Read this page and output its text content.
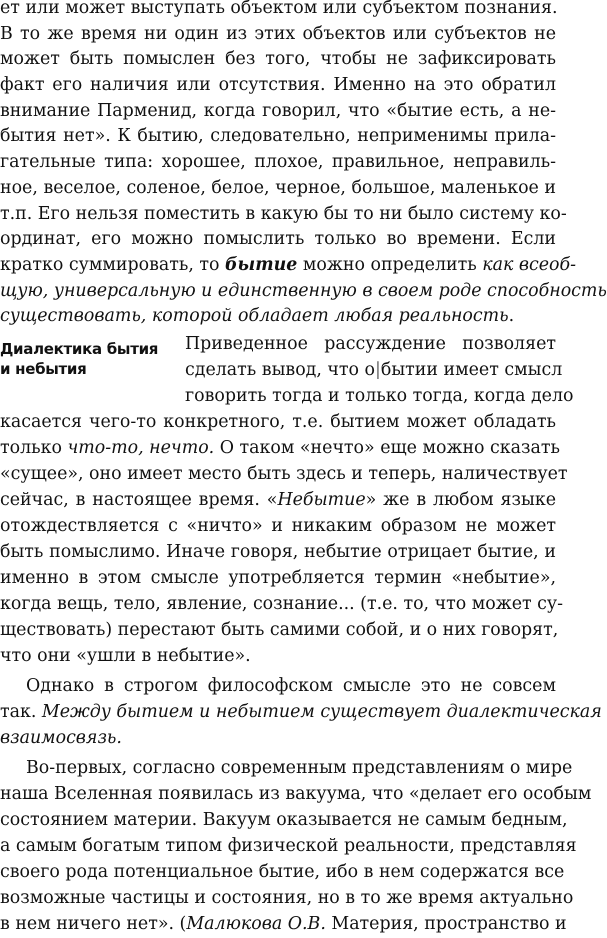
ет или может выступать объектом или субъектом познания.
В то же время ни один из этих объектов или субъектов не
может быть помыслен без того, чтобы не зафиксировать
факт его наличия или отсутствия. Именно на это обратил
внимание Парменид, когда говорил, что «бытие есть, а не-
бытия нет». К бытию, следовательно, неприменимы прила-
гательные типа: хорошее, плохое, правильное, неправиль-
ное, веселое, соленое, белое, черное, большое, маленькое и
т.п. Его нельзя поместить в какую бы то ни было систему ко-
ординат, его можно помыслить только во времени. Если
кратко суммировать, то бытие можно определить как всеоб-
щую, универсальную и единственную в своем роде способность
существовать, которой обладает любая реальность.
Диалектика бытия
и небытия
Приведенное рассуждение позволяет
сделать вывод, что о|бытии имеет смысл
говорить тогда и только тогда, когда дело
касается чего-то конкретного, т.е. бытием может обладать
только что-то, нечто. О таком «нечто» еще можно сказать
«сущее», оно имеет место быть здесь и теперь, наличествует
сейчас, в настоящее время. «Небытие» же в любом языке
отождествляется с «ничто» и никаким образом не может
быть помыслимо. Иначе говоря, небытие отрицает бытие, и
именно в этом смысле употребляется термин «небытие»,
когда вещь, тело, явление, сознание... (т.е. то, что может су-
ществовать) перестают быть самими собой, и о них говорят,
что они «ушли в небытие».
Однако в строгом философском смысле это не совсем
так. Между бытием и небытием существует диалектическая
взаимосвязь.
Во-первых, согласно современным представлениям о мире
наша Вселенная появилась из вакуума, что «делает его особым
состоянием материи. Вакуум оказывается не самым бедным,
а самым богатым типом физической реальности, представляя
своего рода потенциальное бытие, ибо в нем содержатся все
возможные частицы и состояния, но в то же время актуально
в нем ничего нет». (Малюкова О.В. Материя, пространство и
